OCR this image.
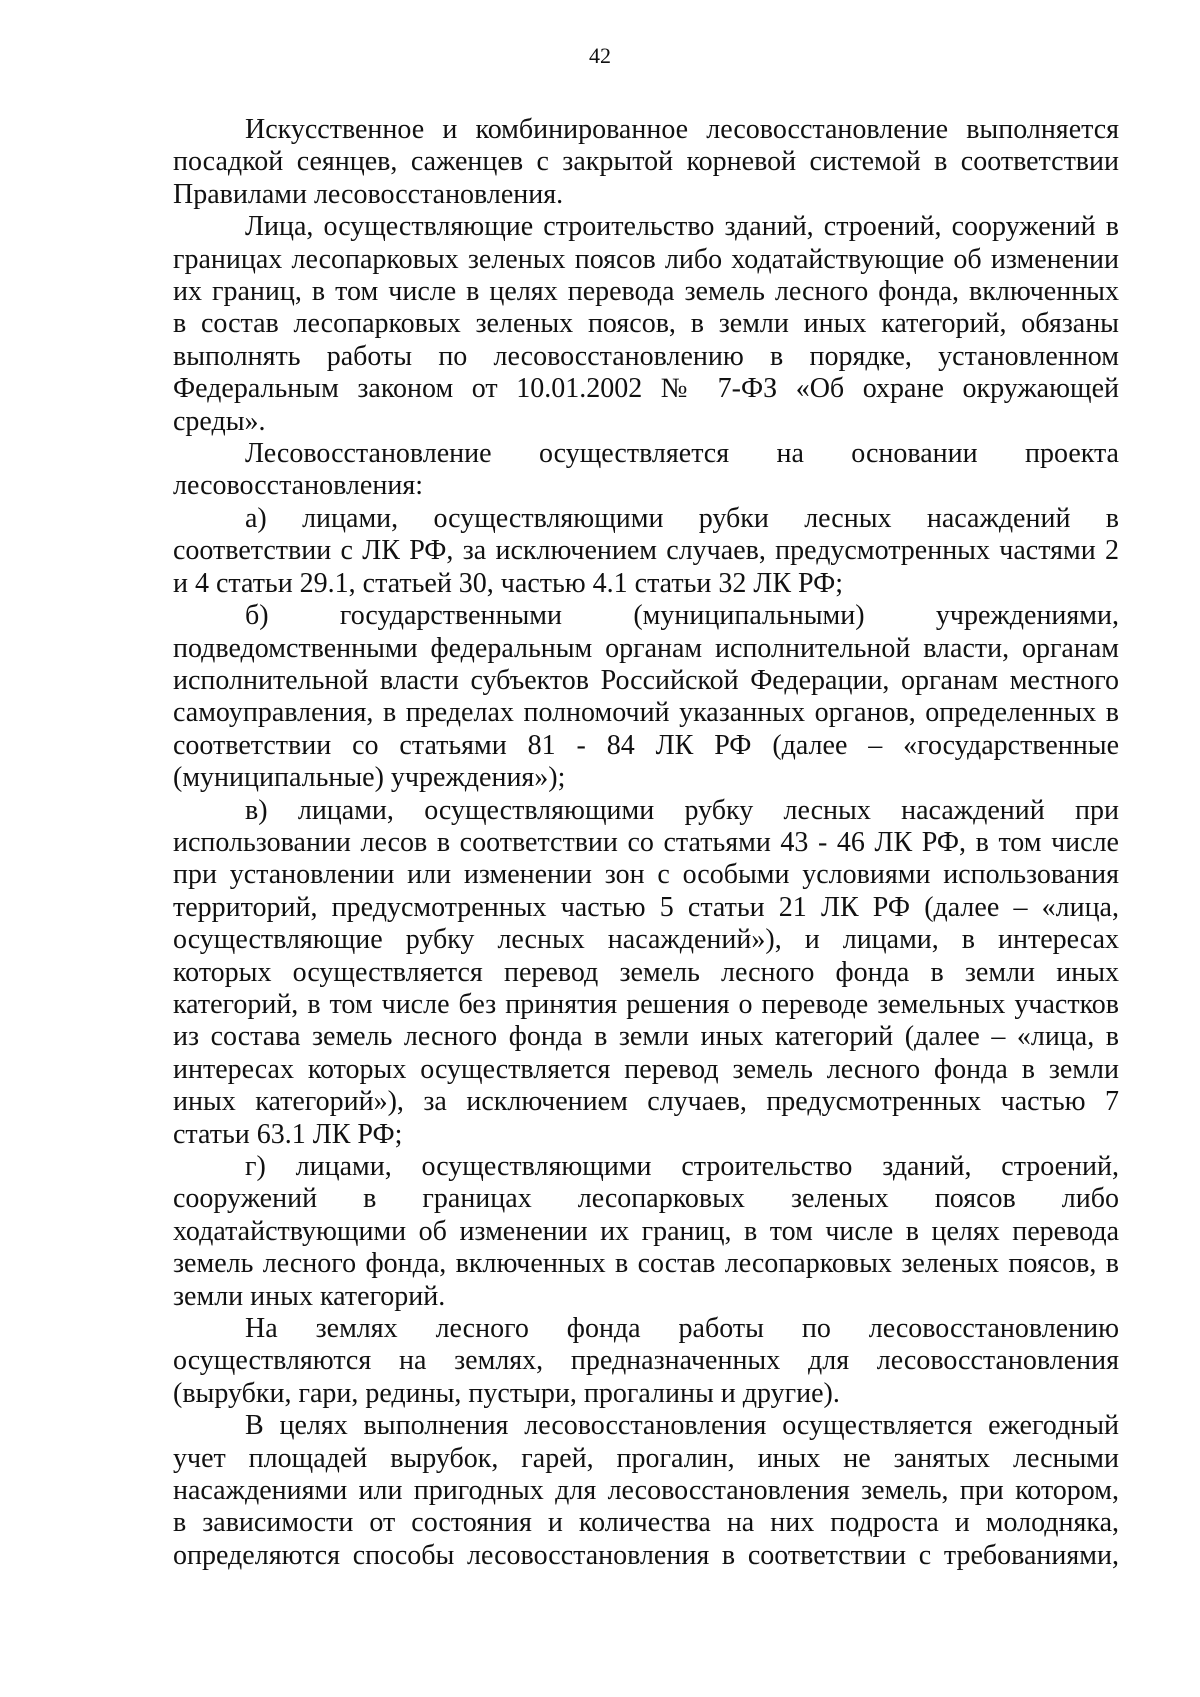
42
Искусственное и комбинированное лесовосстановление выполняется
посадкой сеянцев, саженцев с закрытой корневой системой в соответствии
Правилами лесовосстановления.
Лица, осуществляющие строительство зданий, строений, сооружений в
границах лесопарковых зеленых поясов либо ходатайствующие об изменении
их границ, в том числе в целях перевода земель лесного фонда, включенных
в состав лесопарковых зеленых поясов, в земли иных категорий, обязаны
выполнять работы по лесовосстановлению в порядке, установленном
Федеральным законом от 10.01.2002 № 7-ФЗ «Об охране окружающей
среды».
Лесовосстановление осуществляется на основании проекта
лесовосстановления:
а) лицами, осуществляющими рубки лесных насаждений в
соответствии с ЛК РФ, за исключением случаев, предусмотренных частями 2
и 4 статьи 29.1, статьей 30, частью 4.1 статьи 32 ЛК РФ;
б) государственными (муниципальными) учреждениями,
подведомственными федеральным органам исполнительной власти, органам
исполнительной власти субъектов Российской Федерации, органам местного
самоуправления, в пределах полномочий указанных органов, определенных в
соответствии со статьями 81 - 84 ЛК РФ (далее – «государственные
(муниципальные) учреждения»);
в) лицами, осуществляющими рубку лесных насаждений при
использовании лесов в соответствии со статьями 43 - 46 ЛК РФ, в том числе
при установлении или изменении зон с особыми условиями использования
территорий, предусмотренных частью 5 статьи 21 ЛК РФ (далее – «лица,
осуществляющие рубку лесных насаждений»), и лицами, в интересах
которых осуществляется перевод земель лесного фонда в земли иных
категорий, в том числе без принятия решения о переводе земельных участков
из состава земель лесного фонда в земли иных категорий (далее – «лица, в
интересах которых осуществляется перевод земель лесного фонда в земли
иных категорий»), за исключением случаев, предусмотренных частью 7
статьи 63.1 ЛК РФ;
г) лицами, осуществляющими строительство зданий, строений,
сооружений в границах лесопарковых зеленых поясов либо
ходатайствующими об изменении их границ, в том числе в целях перевода
земель лесного фонда, включенных в состав лесопарковых зеленых поясов, в
земли иных категорий.
На землях лесного фонда работы по лесовосстановлению
осуществляются на землях, предназначенных для лесовосстановления
(вырубки, гари, редины, пустыри, прогалины и другие).
В целях выполнения лесовосстановления осуществляется ежегодный
учет площадей вырубок, гарей, прогалин, иных не занятых лесными
насаждениями или пригодных для лесовосстановления земель, при котором,
в зависимости от состояния и количества на них подроста и молодняка,
определяются способы лесовосстановления в соответствии с требованиями,
